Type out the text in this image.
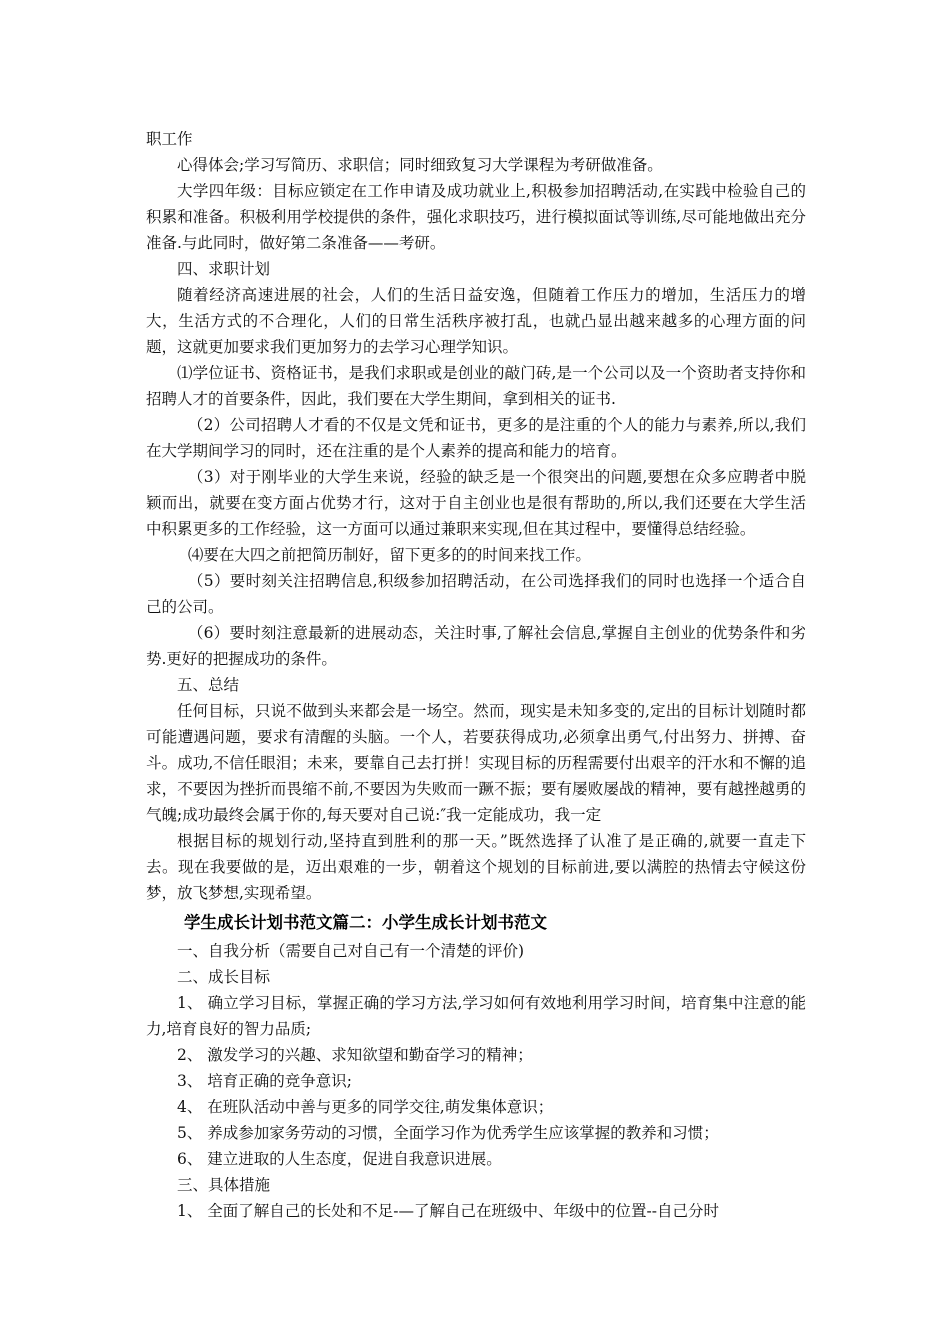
职工作

心得体会;学习写简历、求职信；同时细致复习大学课程为考研做准备。

大学四年级：目标应锁定在工作申请及成功就业上,积极参加招聘活动,在实践中检验自己的积累和准备。积极利用学校提供的条件，强化求职技巧，进行模拟面试等训练,尽可能地做出充分准备.与此同时，做好第二条准备——考研。

四、求职计划

随着经济高速进展的社会，人们的生活日益安逸，但随着工作压力的增加，生活压力的增大，生活方式的不合理化，人们的日常生活秩序被打乱，也就凸显出越来越多的心理方面的问题，这就更加要求我们更加努力的去学习心理学知识。

⑴学位证书、资格证书，是我们求职或是创业的敲门砖,是一个公司以及一个资助者支持你和招聘人才的首要条件，因此，我们要在大学生期间，拿到相关的证书.

（2）公司招聘人才看的不仅是文凭和证书，更多的是注重的个人的能力与素养,所以,我们在大学期间学习的同时，还在注重的是个人素养的提高和能力的培育。

（3）对于刚毕业的大学生来说，经验的缺乏是一个很突出的问题,要想在众多应聘者中脱颖而出，就要在变方面占优势才行，这对于自主创业也是很有帮助的,所以,我们还要在大学生活中积累更多的工作经验，这一方面可以通过兼职来实现,但在其过程中，要懂得总结经验。

⑷要在大四之前把简历制好，留下更多的的时间来找工作。

（5）要时刻关注招聘信息,积级参加招聘活动，在公司选择我们的同时也选择一个适合自己的公司。

（6）要时刻注意最新的进展动态，关注时事,了解社会信息,掌握自主创业的优势条件和劣势.更好的把握成功的条件。

五、总结

任何目标，只说不做到头来都会是一场空。然而，现实是未知多变的,定出的目标计划随时都可能遭遇问题，要求有清醒的头脑。一个人，若要获得成功,必须拿出勇气,付出努力、拼搏、奋斗。成功,不信任眼泪；未来，要靠自己去打拼！实现目标的历程需要付出艰辛的汗水和不懈的追求，不要因为挫折而畏缩不前,不要因为失败而一蹶不振；要有屡败屡战的精神，要有越挫越勇的气魄;成功最终会属于你的,每天要对自己说:″我一定能成功，我一定

根据目标的规划行动,坚持直到胜利的那一天。”既然选择了认准了是正确的,就要一直走下去。现在我要做的是，迈出艰难的一步，朝着这个规划的目标前进,要以满腔的热情去守候这份梦，放飞梦想,实现希望。

学生成长计划书范文篇二：小学生成长计划书范文

一、自我分析（需要自己对自己有一个清楚的评价)

二、成长目标

1、 确立学习目标，掌握正确的学习方法,学习如何有效地利用学习时间，培育集中注意的能力,培育良好的智力品质;

2、 激发学习的兴趣、求知欲望和勤奋学习的精神；

3、 培育正确的竞争意识;

4、 在班队活动中善与更多的同学交往,萌发集体意识；

5、 养成参加家务劳动的习惯，全面学习作为优秀学生应该掌握的教养和习惯；

6、 建立进取的人生态度，促进自我意识进展。

三、具体措施

1、 全面了解自己的长处和不足-—了解自己在班级中、年级中的位置--自己分时
